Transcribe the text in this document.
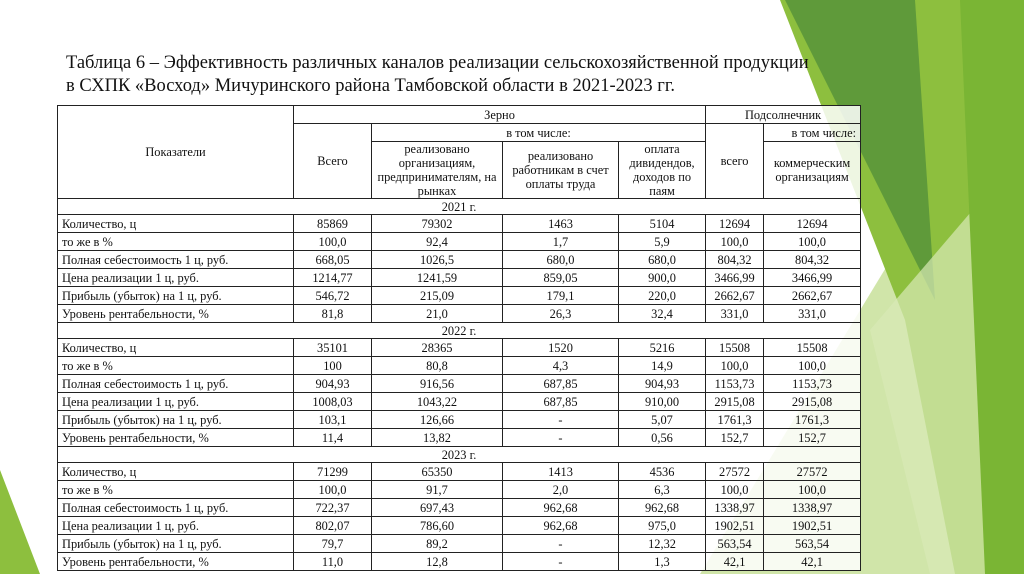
Таблица 6 – Эффективность различных каналов реализации сельскохозяйственной продукции
в СХПК «Восход» Мичуринского района Тамбовской области в 2021-2023 гг.
Показатели	Зерно				Подсолнечник	
	Всего	в том числе:			всего	в том числе:
		реализовано организациям, предпринимателям, на рынках	реализовано работникам в счет оплаты труда	оплата дивидендов, доходов по паям		коммерческим организациям
2021 г.						
Количество, ц	85869	79302	1463	5104	12694	12694
то же в %	100,0	92,4	1,7	5,9	100,0	100,0
Полная себестоимость 1 ц, руб.	668,05	1026,5	680,0	680,0	804,32	804,32
Цена реализации 1 ц, руб.	1214,77	1241,59	859,05	900,0	3466,99	3466,99
Прибыль (убыток) на 1 ц, руб.	546,72	215,09	179,1	220,0	2662,67	2662,67
Уровень рентабельности, %	81,8	21,0	26,3	32,4	331,0	331,0
2022 г.						
Количество, ц	35101	28365	1520	5216	15508	15508
то же в %	100	80,8	4,3	14,9	100,0	100,0
Полная себестоимость 1 ц, руб.	904,93	916,56	687,85	904,93	1153,73	1153,73
Цена реализации 1 ц, руб.	1008,03	1043,22	687,85	910,00	2915,08	2915,08
Прибыль (убыток) на 1 ц, руб.	103,1	126,66	-	5,07	1761,3	1761,3
Уровень рентабельности, %	11,4	13,82	-	0,56	152,7	152,7
2023 г.						
Количество, ц	71299	65350	1413	4536	27572	27572
то же в %	100,0	91,7	2,0	6,3	100,0	100,0
Полная себестоимость 1 ц, руб.	722,37	697,43	962,68	962,68	1338,97	1338,97
Цена реализации 1 ц, руб.	802,07	786,60	962,68	975,0	1902,51	1902,51
Прибыль (убыток) на 1 ц, руб.	79,7	89,2	-	12,32	563,54	563,54
Уровень рентабельности, %	11,0	12,8	-	1,3	42,1	42,1
